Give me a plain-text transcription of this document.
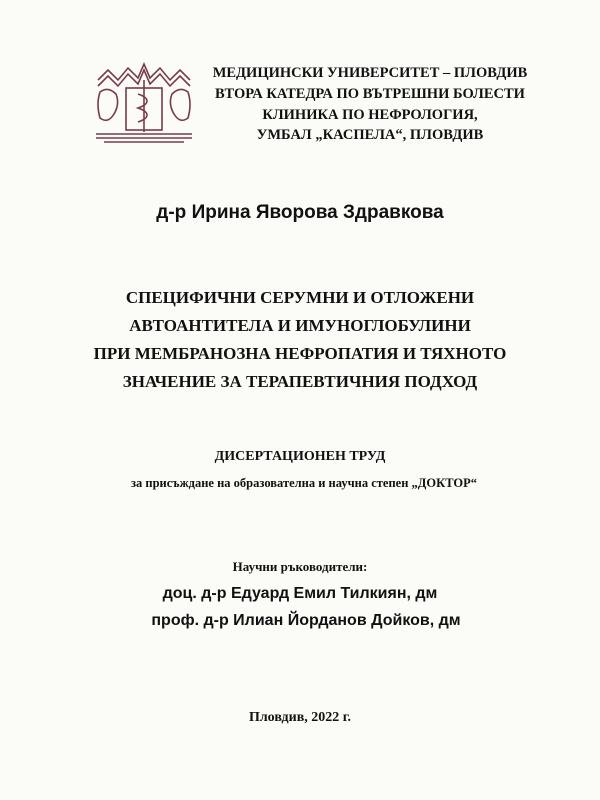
МЕДИЦИНСКИ УНИВЕРСИТЕТ – ПЛОВДИВ
ВТОРА КАТЕДРА ПО ВЪТРЕШНИ БОЛЕСТИ
КЛИНИКА ПО НЕФРОЛОГИЯ,
УМБАЛ „КАСПЕЛА“, ПЛОВДИВ
д-р Ирина Яворова Здравкова
СПЕЦИФИЧНИ СЕРУМНИ И ОТЛОЖЕНИ
АВТОАНТИТЕЛА И ИМУНОГЛОБУЛИНИ
ПРИ МЕМБРАНОЗНА НЕФРОПАТИЯ И ТЯХНОТО
ЗНАЧЕНИЕ ЗА ТЕРАПЕВТИЧНИЯ ПОДХОД
ДИСЕРТАЦИОНЕН ТРУД
за присъждане на образователна и научна степен „ДОКТОР“
Научни ръководители:
доц. д-р Едуард Емил Тилкиян, дм
проф. д-р Илиан Йорданов Дойков, дм
Пловдив, 2022 г.
